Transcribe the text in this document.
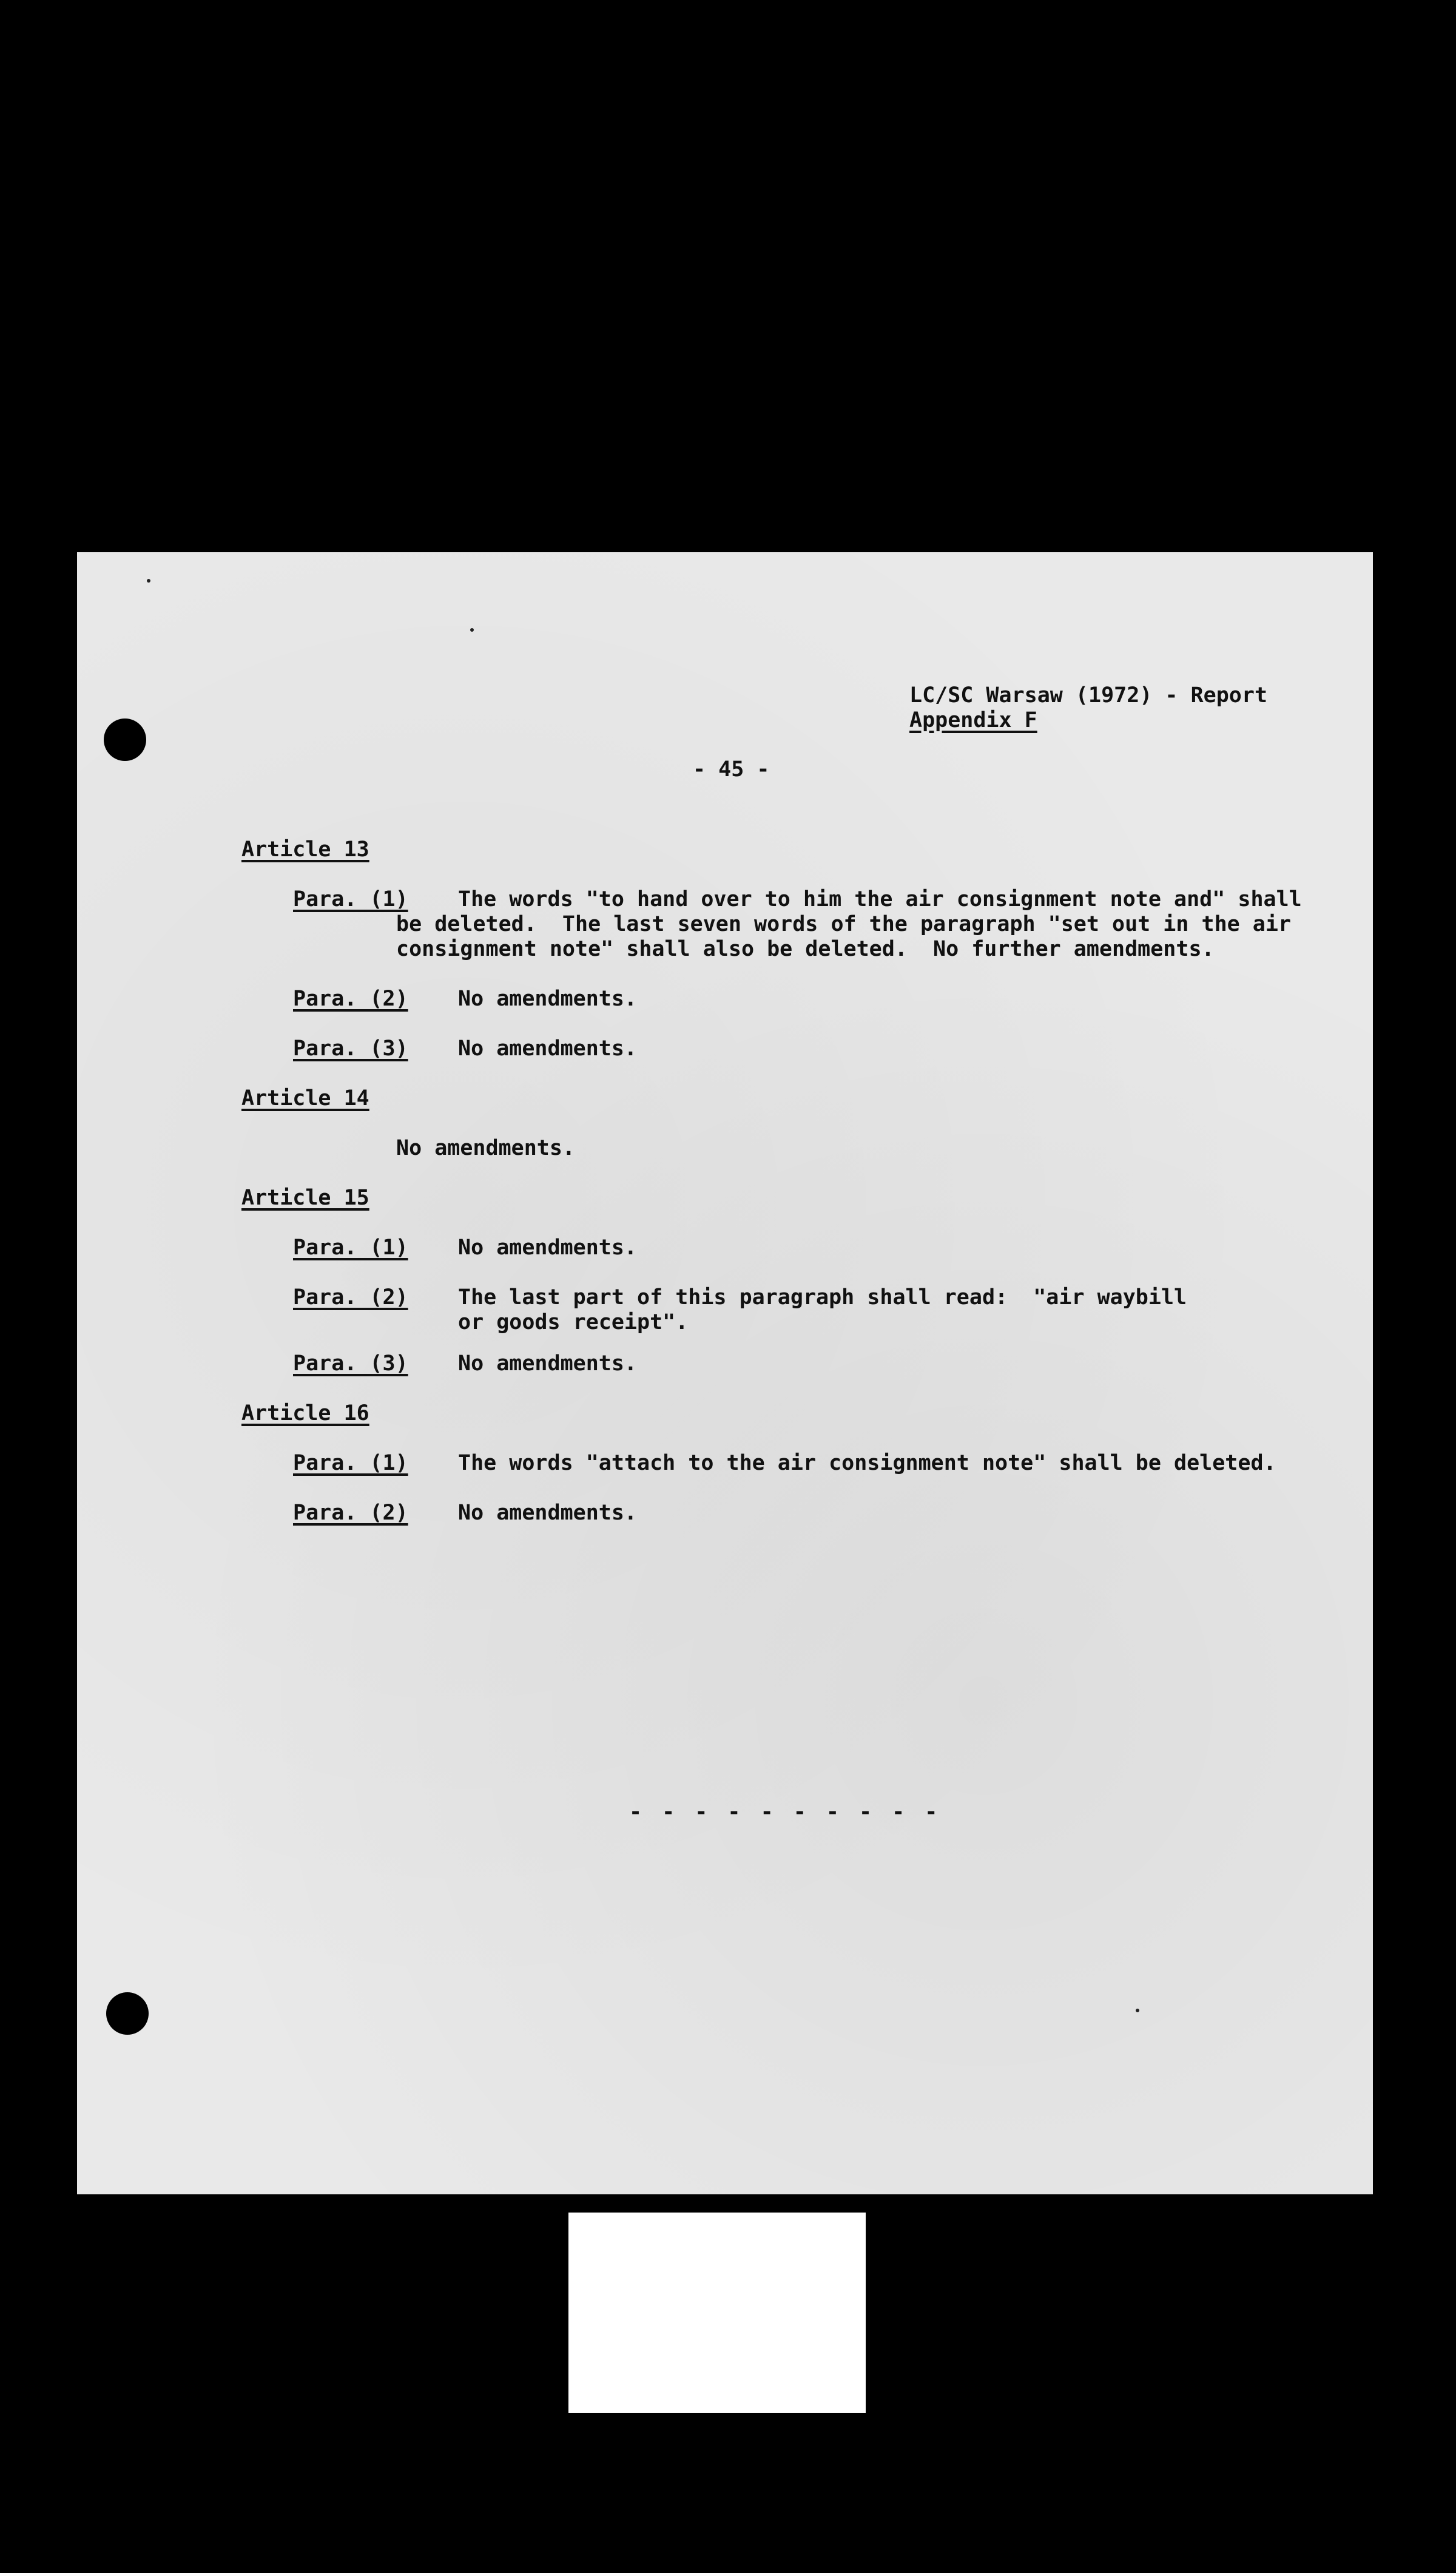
LC/SC Warsaw (1972) - Report
Appendix F
- 45 -
Article 13
Para. (1) The words "to hand over to him the air consignment note and" shall
be deleted.  The last seven words of the paragraph "set out in the air
consignment note" shall also be deleted.  No further amendments.
Para. (2) No amendments.
Para. (3) No amendments.
Article 14
No amendments.
Article 15
Para. (1) No amendments.
Para. (2) The last part of this paragraph shall read:  "air waybill
or goods receipt".
Para. (3) No amendments.
Article 16
Para. (1) The words "attach to the air consignment note" shall be deleted.
Para. (2) No amendments.
- - - - - - - - - -
